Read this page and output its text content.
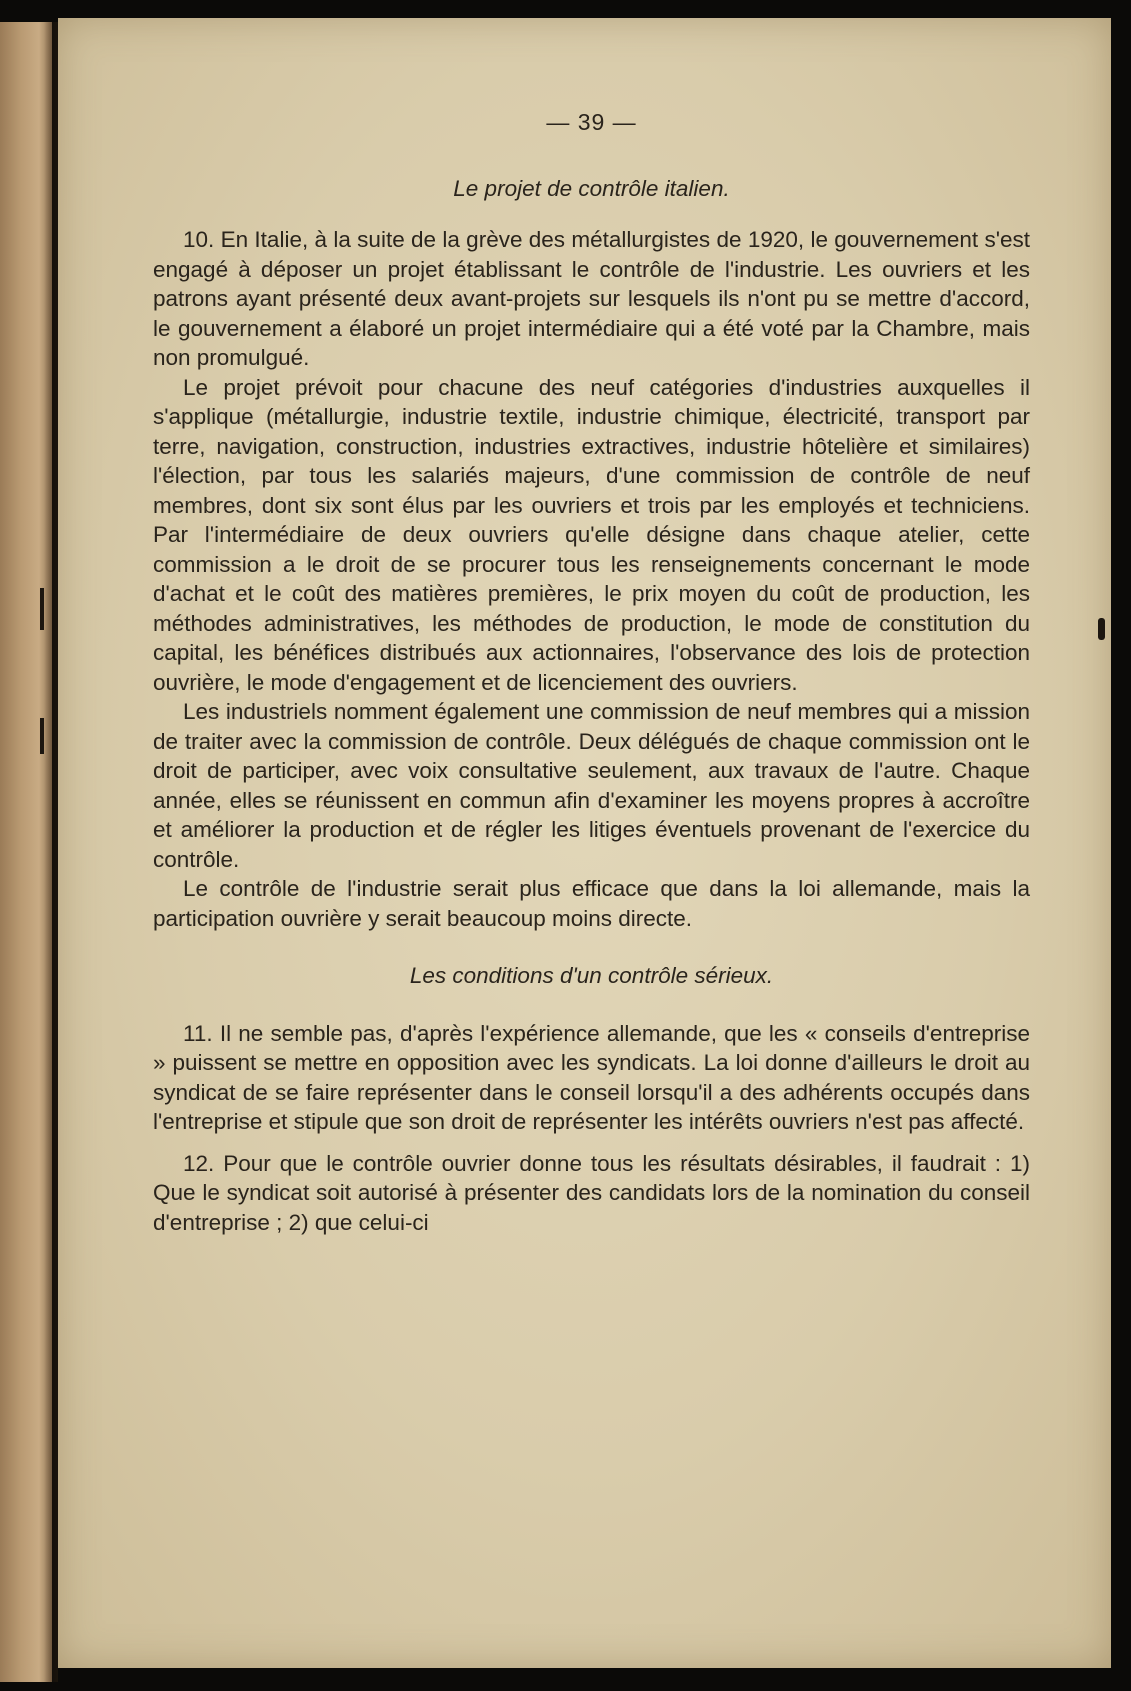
— 39 —
Le projet de contrôle italien.

10. En Italie, à la suite de la grève des métallurgistes de 1920, le gouvernement s'est engagé à déposer un projet établissant le contrôle de l'industrie. Les ouvriers et les patrons ayant présenté deux avant-projets sur lesquels ils n'ont pu se mettre d'accord, le gouvernement a élaboré un projet intermédiaire qui a été voté par la Chambre, mais non promulgué.

Le projet prévoit pour chacune des neuf catégories d'industries auxquelles il s'applique (métallurgie, industrie textile, industrie chimique, électricité, transport par terre, navigation, construction, industries extractives, industrie hôtelière et similaires) l'élection, par tous les salariés majeurs, d'une commission de contrôle de neuf membres, dont six sont élus par les ouvriers et trois par les employés et techniciens. Par l'intermédiaire de deux ouvriers qu'elle désigne dans chaque atelier, cette commission a le droit de se procurer tous les renseignements concernant le mode d'achat et le coût des matières premières, le prix moyen du coût de production, les méthodes administratives, les méthodes de production, le mode de constitution du capital, les bénéfices distribués aux actionnaires, l'observance des lois de protection ouvrière, le mode d'engagement et de licenciement des ouvriers.

Les industriels nomment également une commission de neuf membres qui a mission de traiter avec la commission de contrôle. Deux délégués de chaque commission ont le droit de participer, avec voix consultative seulement, aux travaux de l'autre. Chaque année, elles se réunissent en commun afin d'examiner les moyens propres à accroître et améliorer la production et de régler les litiges éventuels provenant de l'exercice du contrôle.

Le contrôle de l'industrie serait plus efficace que dans la loi allemande, mais la participation ouvrière y serait beaucoup moins directe.

Les conditions d'un contrôle sérieux.

11. Il ne semble pas, d'après l'expérience allemande, que les « conseils d'entreprise » puissent se mettre en opposition avec les syndicats. La loi donne d'ailleurs le droit au syndicat de se faire représenter dans le conseil lorsqu'il a des adhérents occupés dans l'entreprise et stipule que son droit de représenter les intérêts ouvriers n'est pas affecté.

12. Pour que le contrôle ouvrier donne tous les résultats désirables, il faudrait : 1) Que le syndicat soit autorisé à présenter des candidats lors de la nomination du conseil d'entreprise ; 2) que celui-ci
